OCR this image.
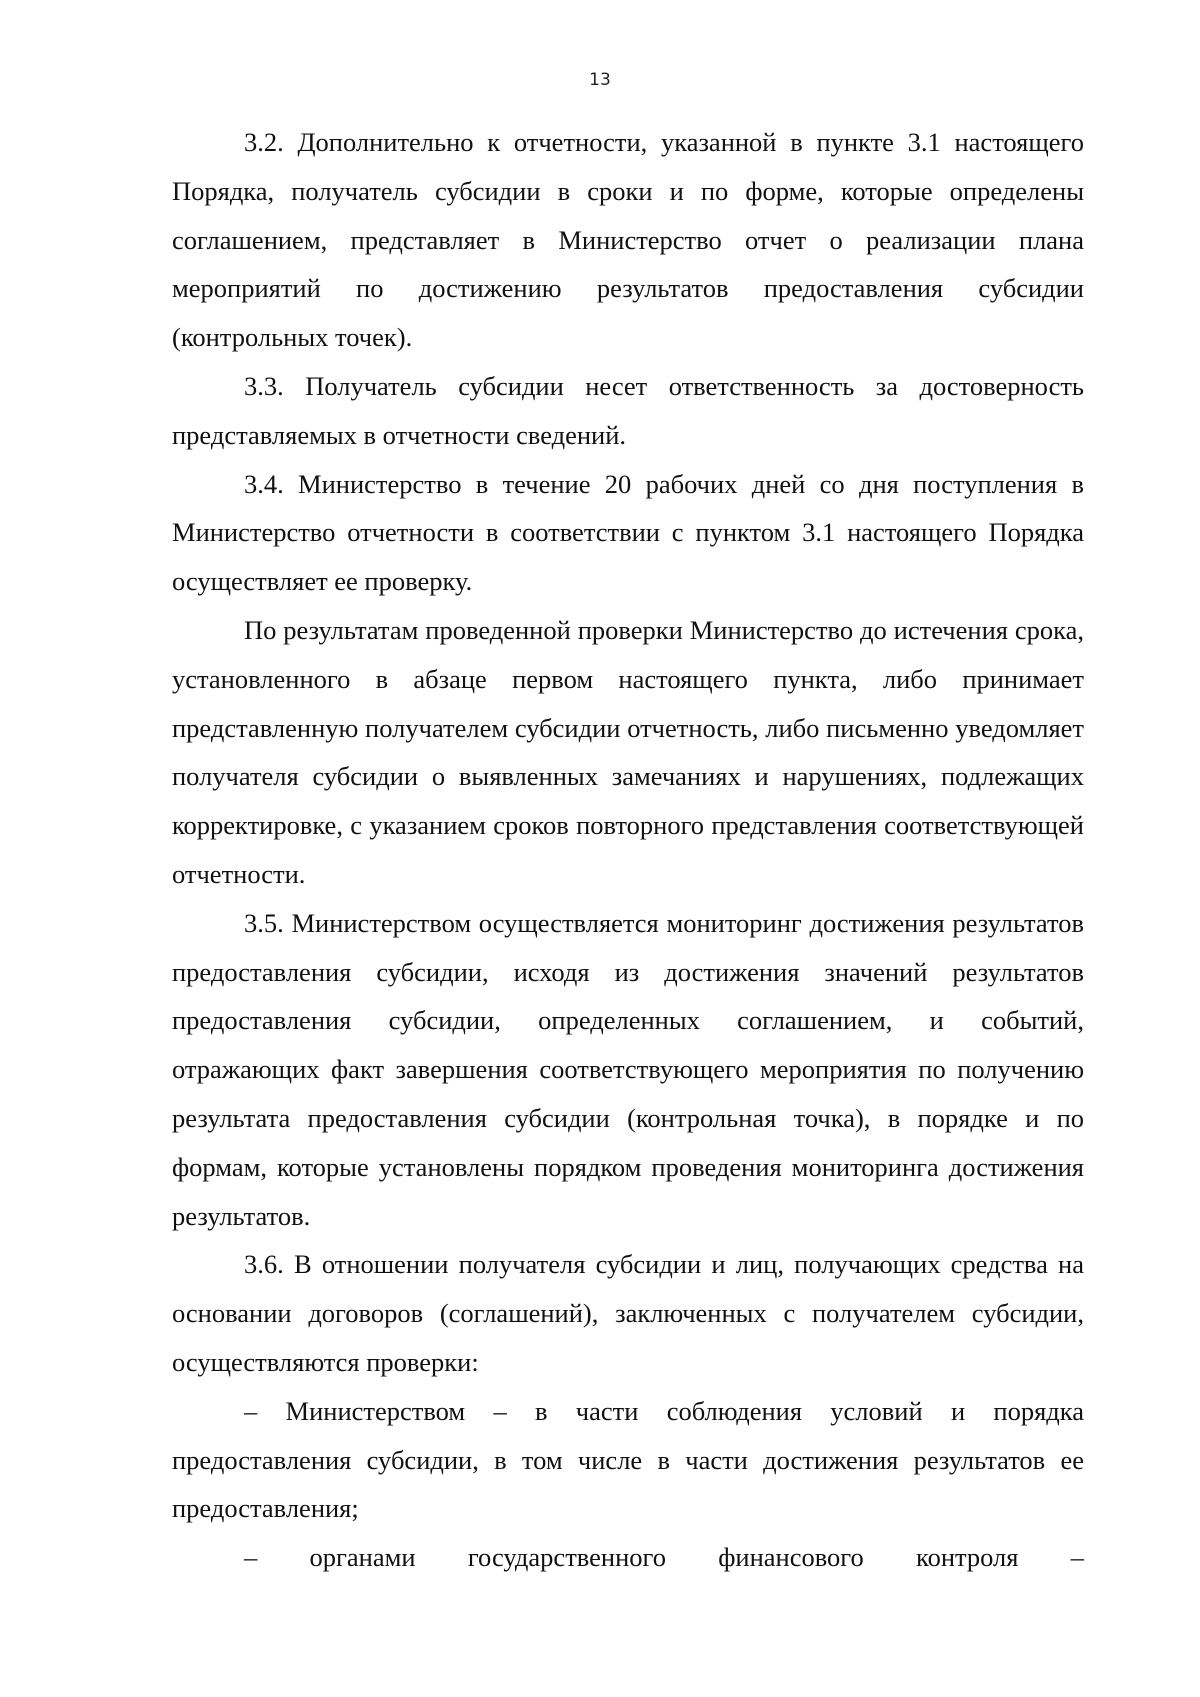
13

3.2. Дополнительно к отчетности, указанной в пункте 3.1 настоящего Порядка, получатель субсидии в сроки и по форме, которые определены соглашением, представляет в Министерство отчет о реализации плана мероприятий по достижению результатов предоставления субсидии (контрольных точек).

3.3. Получатель субсидии несет ответственность за достоверность представляемых в отчетности сведений.

3.4. Министерство в течение 20 рабочих дней со дня поступления в Министерство отчетности в соответствии с пунктом 3.1 настоящего Порядка осуществляет ее проверку.

По результатам проведенной проверки Министерство до истечения срока, установленного в абзаце первом настоящего пункта, либо принимает представленную получателем субсидии отчетность, либо письменно уведомляет получателя субсидии о выявленных замечаниях и нарушениях, подлежащих корректировке, с указанием сроков повторного представления соответствующей отчетности.

3.5. Министерством осуществляется мониторинг достижения результатов предоставления субсидии, исходя из достижения значений результатов предоставления субсидии, определенных соглашением, и событий, отражающих факт завершения соответствующего мероприятия по получению результата предоставления субсидии (контрольная точка), в порядке и по формам, которые установлены порядком проведения мониторинга достижения результатов.

3.6. В отношении получателя субсидии и лиц, получающих средства на основании договоров (соглашений), заключенных с получателем субсидии, осуществляются проверки:

– Министерством – в части соблюдения условий и порядка предоставления субсидии, в том числе в части достижения результатов ее предоставления;

– органами государственного финансового контроля –
